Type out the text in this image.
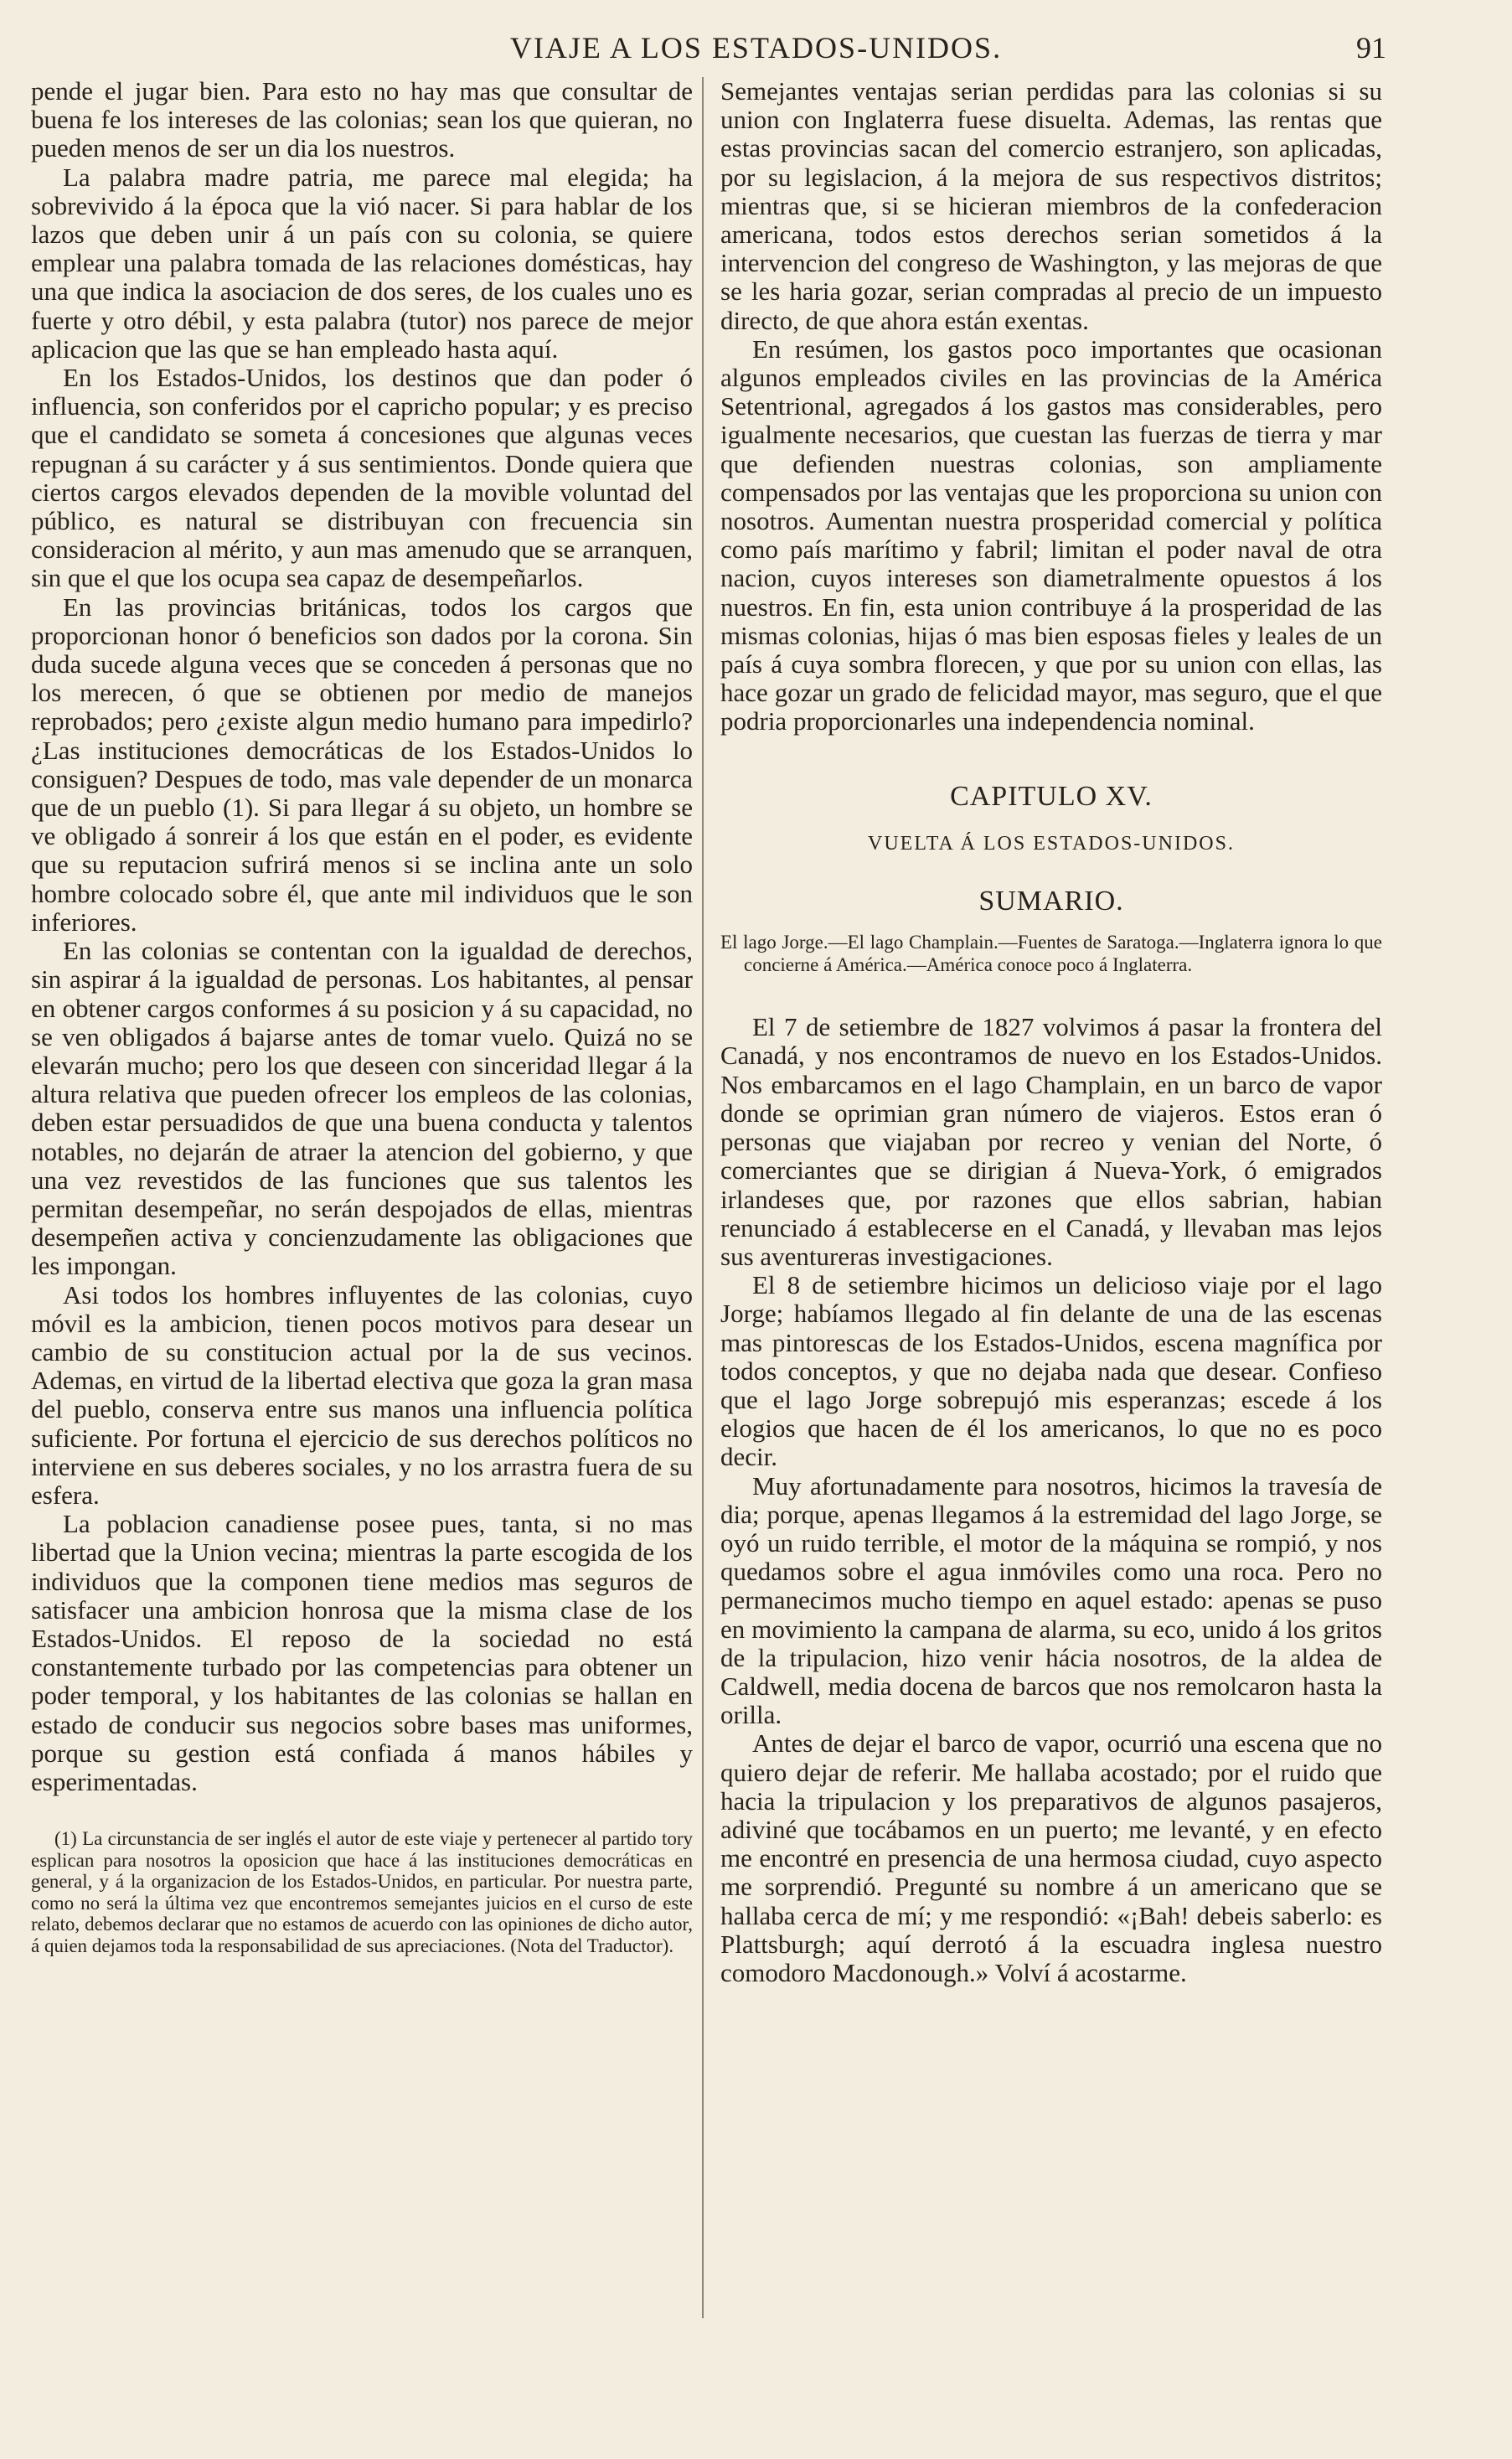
VIAJE A LOS ESTADOS-UNIDOS.	91

pende el jugar bien. Para esto no hay mas que consultar de buena fe los intereses de las colonias; sean los que quieran, no pueden menos de ser un dia los nuestros.

La palabra madre patria, me parece mal elegida; ha sobrevivido á la época que la vió nacer. Si para hablar de los lazos que deben unir á un país con su colonia, se quiere emplear una palabra tomada de las relaciones domésticas, hay una que indica la asociacion de dos seres, de los cuales uno es fuerte y otro débil, y esta palabra (tutor) nos parece de mejor aplicacion que las que se han empleado hasta aquí.

En los Estados-Unidos, los destinos que dan poder ó influencia, son conferidos por el capricho popular; y es preciso que el candidato se someta á concesiones que algunas veces repugnan á su carácter y á sus sentimientos. Donde quiera que ciertos cargos elevados dependen de la movible voluntad del público, es natural se distribuyan con frecuencia sin consideracion al mérito, y aun mas amenudo que se arranquen, sin que el que los ocupa sea capaz de desempeñarlos.

En las provincias británicas, todos los cargos que proporcionan honor ó beneficios son dados por la corona. Sin duda sucede alguna veces que se conceden á personas que no los merecen, ó que se obtienen por medio de manejos reprobados; pero ¿existe algun medio humano para impedirlo? ¿Las instituciones democráticas de los Estados-Unidos lo consiguen? Despues de todo, mas vale depender de un monarca que de un pueblo (1). Si para llegar á su objeto, un hombre se ve obligado á sonreir á los que están en el poder, es evidente que su reputacion sufrirá menos si se inclina ante un solo hombre colocado sobre él, que ante mil individuos que le son inferiores.

En las colonias se contentan con la igualdad de derechos, sin aspirar á la igualdad de personas. Los habitantes, al pensar en obtener cargos conformes á su posicion y á su capacidad, no se ven obligados á bajarse antes de tomar vuelo. Quizá no se elevarán mucho; pero los que deseen con sinceridad llegar á la altura relativa que pueden ofrecer los empleos de las colonias, deben estar persuadidos de que una buena conducta y talentos notables, no dejarán de atraer la atencion del gobierno, y que una vez revestidos de las funciones que sus talentos les permitan desempeñar, no serán despojados de ellas, mientras desempeñen activa y concienzudamente las obligaciones que les impongan.

Asi todos los hombres influyentes de las colonias, cuyo móvil es la ambicion, tienen pocos motivos para desear un cambio de su constitucion actual por la de sus vecinos. Ademas, en virtud de la libertad electiva que goza la gran masa del pueblo, conserva entre sus manos una influencia política suficiente. Por fortuna el ejercicio de sus derechos políticos no interviene en sus deberes sociales, y no los arrastra fuera de su esfera.

La poblacion canadiense posee pues, tanta, si no mas libertad que la Union vecina; mientras la parte escogida de los individuos que la componen tiene medios mas seguros de satisfacer una ambicion honrosa que la misma clase de los Estados-Unidos. El reposo de la sociedad no está constantemente turbado por las competencias para obtener un poder temporal, y los habitantes de las colonias se hallan en estado de conducir sus negocios sobre bases mas uniformes, porque su gestion está confiada á manos hábiles y esperimentadas.

(1) La circunstancia de ser inglés el autor de este viaje y pertenecer al partido tory esplican para nosotros la oposicion que hace á las instituciones democráticas en general, y á la organizacion de los Estados-Unidos, en particular. Por nuestra parte, como no será la última vez que encontremos semejantes juicios en el curso de este relato, debemos declarar que no estamos de acuerdo con las opiniones de dicho autor, á quien dejamos toda la responsabilidad de sus apreciaciones. (Nota del Traductor).

Semejantes ventajas serian perdidas para las colonias si su union con Inglaterra fuese disuelta. Ademas, las rentas que estas provincias sacan del comercio estranjero, son aplicadas, por su legislacion, á la mejora de sus respectivos distritos; mientras que, si se hicieran miembros de la confederacion americana, todos estos derechos serian sometidos á la intervencion del congreso de Washington, y las mejoras de que se les haria gozar, serian compradas al precio de un impuesto directo, de que ahora están exentas.

En resúmen, los gastos poco importantes que ocasionan algunos empleados civiles en las provincias de la América Setentrional, agregados á los gastos mas considerables, pero igualmente necesarios, que cuestan las fuerzas de tierra y mar que defienden nuestras colonias, son ampliamente compensados por las ventajas que les proporciona su union con nosotros. Aumentan nuestra prosperidad comercial y política como país marítimo y fabril; limitan el poder naval de otra nacion, cuyos intereses son diametralmente opuestos á los nuestros. En fin, esta union contribuye á la prosperidad de las mismas colonias, hijas ó mas bien esposas fieles y leales de un país á cuya sombra florecen, y que por su union con ellas, las hace gozar un grado de felicidad mayor, mas seguro, que el que podria proporcionarles una independencia nominal.

CAPITULO XV.
VUELTA Á LOS ESTADOS-UNIDOS.
SUMARIO.
El lago Jorge.—El lago Champlain.—Fuentes de Saratoga.—Inglaterra ignora lo que concierne á América.—América conoce poco á Inglaterra.

El 7 de setiembre de 1827 volvimos á pasar la frontera del Canadá, y nos encontramos de nuevo en los Estados-Unidos. Nos embarcamos en el lago Champlain, en un barco de vapor donde se oprimian gran número de viajeros. Estos eran ó personas que viajaban por recreo y venian del Norte, ó comerciantes que se dirigian á Nueva-York, ó emigrados irlandeses que, por razones que ellos sabrian, habian renunciado á establecerse en el Canadá, y llevaban mas lejos sus aventureras investigaciones.

El 8 de setiembre hicimos un delicioso viaje por el lago Jorge; habíamos llegado al fin delante de una de las escenas mas pintorescas de los Estados-Unidos, escena magnífica por todos conceptos, y que no dejaba nada que desear. Confieso que el lago Jorge sobrepujó mis esperanzas; escede á los elogios que hacen de él los americanos, lo que no es poco decir.

Muy afortunadamente para nosotros, hicimos la travesía de dia; porque, apenas llegamos á la estremidad del lago Jorge, se oyó un ruido terrible, el motor de la máquina se rompió, y nos quedamos sobre el agua inmóviles como una roca. Pero no permanecimos mucho tiempo en aquel estado: apenas se puso en movimiento la campana de alarma, su eco, unido á los gritos de la tripulacion, hizo venir hácia nosotros, de la aldea de Caldwell, media docena de barcos que nos remolcaron hasta la orilla.

Antes de dejar el barco de vapor, ocurrió una escena que no quiero dejar de referir. Me hallaba acostado; por el ruido que hacia la tripulacion y los preparativos de algunos pasajeros, adiviné que tocábamos en un puerto; me levanté, y en efecto me encontré en presencia de una hermosa ciudad, cuyo aspecto me sorprendió. Pregunté su nombre á un americano que se hallaba cerca de mí; y me respondió: «¡Bah! debeis saberlo: es Plattsburgh; aquí derrotó á la escuadra inglesa nuestro comodoro Macdonough.» Volví á acostarme.
